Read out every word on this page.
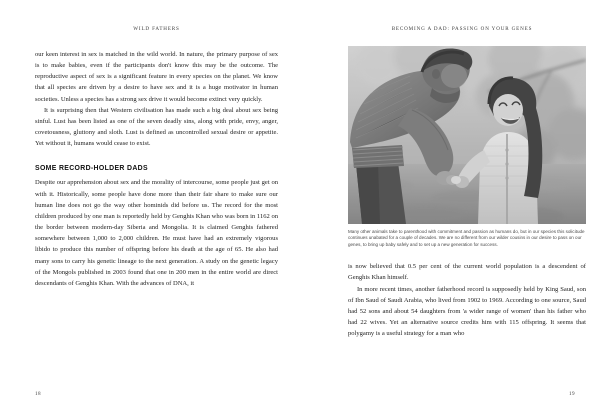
WILD FATHERS

our keen interest in sex is matched in the wild world. In nature, the primary purpose of sex is to make babies, even if the participants don't know this may be the outcome. The reproductive aspect of sex is a significant feature in every species on the planet. We know that all species are driven by a desire to have sex and it is a huge motivator in human societies. Unless a species has a strong sex drive it would become extinct very quickly.

It is surprising then that Western civilisation has made such a big deal about sex being sinful. Lust has been listed as one of the seven deadly sins, along with pride, envy, anger, covetousness, gluttony and sloth. Lust is defined as uncontrolled sexual desire or appetite. Yet without it, humans would cease to exist.

SOME RECORD-HOLDER DADS

Despite our apprehension about sex and the morality of intercourse, some people just get on with it. Historically, some people have done more than their fair share to make sure our human line does not go the way other hominids did before us. The record for the most children produced by one man is reportedly held by Genghis Khan who was born in 1162 on the border between modern-day Siberia and Mongolia. It is claimed Genghis fathered somewhere between 1,000 to 2,000 children. He must have had an extremely vigorous libido to produce this number of offspring before his death at the age of 65. He also had many sons to carry his genetic lineage to the next generation. A study on the genetic legacy of the Mongols published in 2003 found that one in 200 men in the entire world are direct descendants of Genghis Khan. With the advances of DNA, it

18
BECOMING A DAD: PASSING ON YOUR GENES
Many other animals take to parenthood with commitment and passion as humans do, but in our species this solicitude continues unabated for a couple of decades. We are no different from our wilder cousins in our desire to pass on our genes, to bring up baby safely and to set up a new generation for success.

is now believed that 0.5 per cent of the current world population is a descendent of Genghis Khan himself.

In more recent times, another fatherhood record is supposedly held by King Saud, son of Ibn Saud of Saudi Arabia, who lived from 1902 to 1969. According to one source, Saud had 52 sons and about 54 daughters from 'a wider range of women' than his father who had 22 wives. Yet an alternative source credits him with 115 offspring. It seems that polygamy is a useful strategy for a man who

19
